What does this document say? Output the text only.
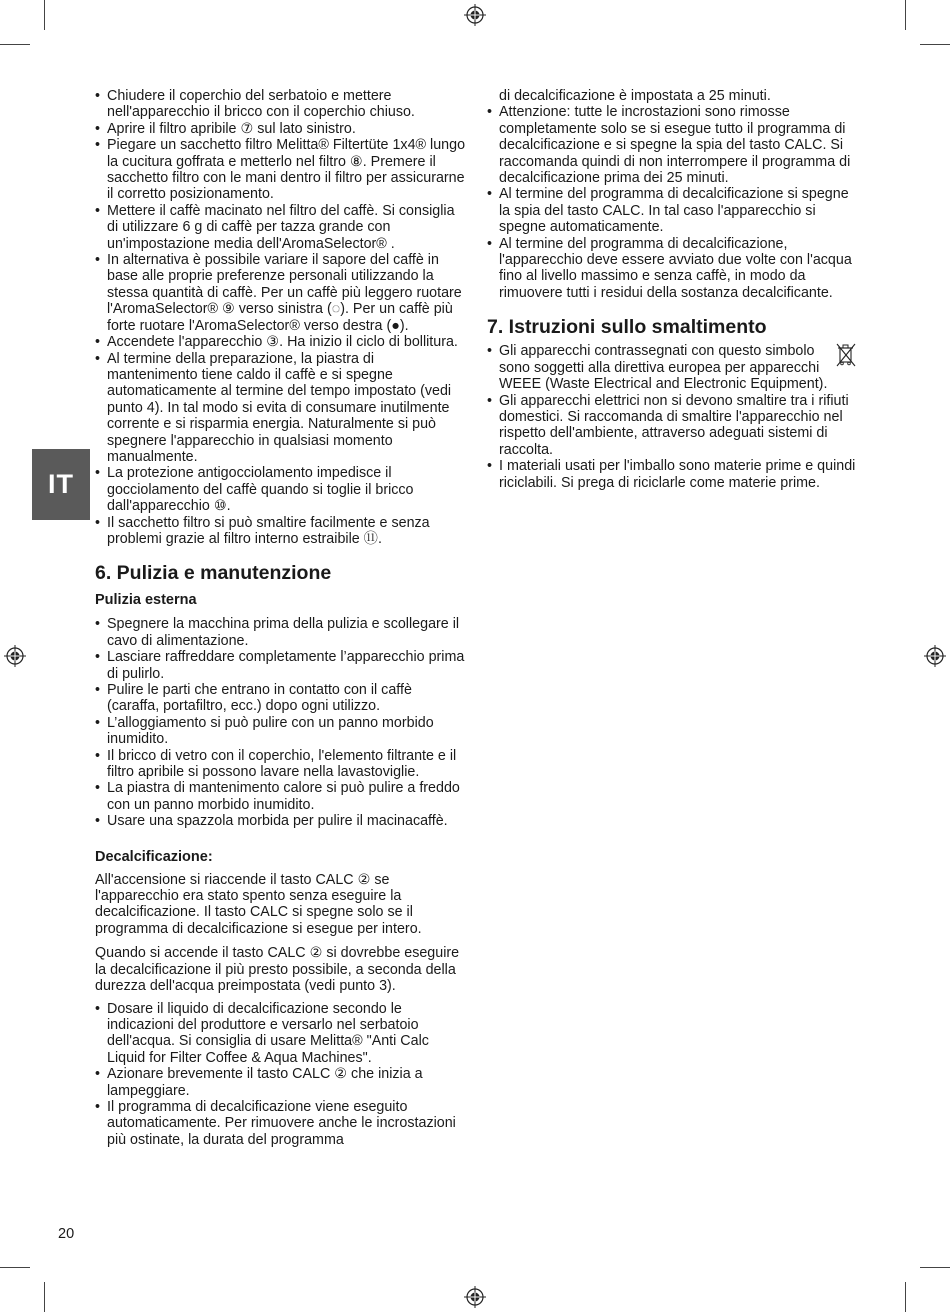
IT
• Chiudere il coperchio del serbatoio e mettere nell'apparecchio il bricco con il coperchio chiuso.
• Aprire il filtro apribile ⑦ sul lato sinistro.
• Piegare un sacchetto filtro Melitta® Filtertüte 1x4® lungo la cucitura goffrata e metterlo nel filtro ⑧. Premere il sacchetto filtro con le mani dentro il filtro per assicurarne il corretto posizionamento.
• Mettere il caffè macinato nel filtro del caffè. Si consiglia di utilizzare 6 g di caffè per tazza grande con un'impostazione media dell'AromaSelector® .
• In alternativa è possibile variare il sapore del caffè in base alle proprie preferenze personali utilizzando la stessa quantità di caffè. Per un caffè più leggero ruotare l'AromaSelector® ⑨ verso sinistra (◌). Per un caffè più forte ruotare l'AromaSelector® verso destra (●).
• Accendete l'apparecchio ③. Ha inizio il ciclo di bollitura.
• Al termine della preparazione, la piastra di mantenimento tiene caldo il caffè e si spegne automaticamente al termine del tempo impostato (vedi punto 4). In tal modo si evita di consumare inutilmente corrente e si risparmia energia. Naturalmente si può spegnere l'apparecchio in qualsiasi momento manualmente.
• La protezione antigocciolamento impedisce il gocciolamento del caffè quando si toglie il bricco dall'apparecchio ⑩.
• Il sacchetto filtro si può smaltire facilmente e senza problemi grazie al filtro interno estraibile ⑪.
6. Pulizia e manutenzione
Pulizia esterna
• Spegnere la macchina prima della pulizia e scollegare il cavo di alimentazione.
• Lasciare raffreddare completamente l’apparecchio prima di pulirlo.
• Pulire le parti che entrano in contatto con il caffè (caraffa, portafiltro, ecc.) dopo ogni utilizzo.
• L’alloggiamento si può pulire con un panno morbido inumidito.
• Il bricco di vetro con il coperchio, l'elemento filtrante e il filtro apribile si possono lavare nella lavastoviglie.
• La piastra di mantenimento calore si può pulire a freddo con un panno morbido inumidito.
• Usare una spazzola morbida per pulire il macinacaffè.
Decalcificazione:

All'accensione si riaccende il tasto CALC ② se l'apparecchio era stato spento senza eseguire la decalcificazione. Il tasto CALC si spegne solo se il programma di decalcificazione si esegue per intero.

Quando si accende il tasto CALC ② si dovrebbe eseguire la decalcificazione il più presto possibile, a seconda della durezza dell'acqua preimpostata (vedi punto 3).

• Dosare il liquido di decalcificazione secondo le indicazioni del produttore e versarlo nel serbatoio dell'acqua. Si consiglia di usare Melitta® "Anti Calc Liquid for Filter Coffee & Aqua Machines".
• Azionare brevemente il tasto CALC ② che inizia a lampeggiare.
• Il programma di decalcificazione viene eseguito automaticamente. Per rimuovere anche le incrostazioni più ostinate, la durata del programma

di decalcificazione è impostata a 25 minuti.

• Attenzione: tutte le incrostazioni sono rimosse completamente solo se si esegue tutto il programma di decalcificazione e si spegne la spia del tasto CALC. Si raccomanda quindi di non interrompere il programma di decalcificazione prima dei 25 minuti.
• Al termine del programma di decalcificazione si spegne la spia del tasto CALC. In tal caso l'apparecchio si spegne automaticamente.
• Al termine del programma di decalcificazione, l'apparecchio deve essere avviato due volte con l'acqua fino al livello massimo e senza caffè, in modo da rimuovere tutti i residui della sostanza decalcificante.
7. Istruzioni sullo smaltimento
• Gli apparecchi contrassegnati con questo simbolo sono soggetti alla direttiva europea per apparecchi WEEE (Waste Electrical and Electronic Equipment).
• Gli apparecchi elettrici non si devono smaltire tra i rifiuti domestici. Si raccomanda di smaltire l'apparecchio nel rispetto dell'ambiente, attraverso adeguati sistemi di raccolta.
• I materiali usati per l'imballo sono materie prime e quindi riciclabili. Si prega di riciclarle come materie prime.
20
